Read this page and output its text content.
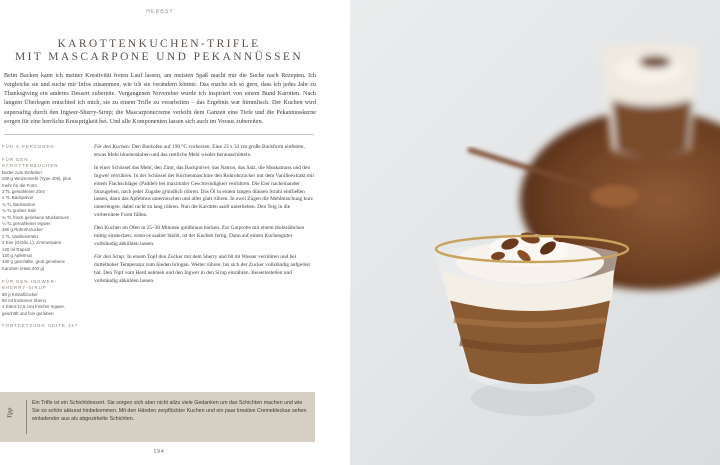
HERBST
KAROTTENKUCHEN-TRIFLE
MIT MASCARPONE UND PEKANNÜSSEN

Beim Backen kann ich meiner Kreativität freien Lauf lassen, am meisten Spaß macht mir die Suche nach Rezepten. Ich vergleiche sie und suche mir Infos zusammen, wie ich sie verändern könnte. Das mache ich so gern, dass ich jedes Jahr zu Thanksgiving ein anderes Dessert zubereite. Vergangenen November wurde ich inspiriert von einem Bund Karotten. Nach langem Überlegen entschied ich mich, sie zu einem Trifle zu verarbeiten – das Ergebnis war himmlisch. Der Kuchen wird supersaftig durch den Ingwer-Sherry-Sirup; die Mascarponecreme verleiht dem Ganzen eine Tiefe und die Pekannusskerne sorgen für eine herrliche Knusprigkeit bei. Und alle Komponenten lassen sich auch im Voraus zubereiten.

FÜR 8 PERSONEN
FÜR DEN KAROTTENKUCHEN
Butter zum Einfetten
250 g Weizenmehl (Type 405), plus mehr für die Form
2 TL gemahlener Zimt
1 TL Backpulver
¾ TL Backnatron
¾ TL grobes Salz
¾ TL frisch geriebene Muskatnuss
¼ TL gemahlener Ingwer
450 g Rohrohrzucker
1 TL Vanilleextrakt
4 Eier (Größe L), zimmerwarm
120 ml Rapsöl
120 g Apfelmus
330 g geschälte, grob geriebene Karotten (etwa 400 g)
FÜR DEN INGWER-SHERRY-SIRUP
50 g Kristallzucker
60 ml trockener Sherry
1 Stück (2,5 cm) frischer Ingwer, geschält und fein gerieben
FORTSETZUNG SEITE 197

Für den Kuchen: Den Backofen auf 190 °C vorheizen. Eine 23 x 33 cm große Backform einfetten, etwas Mehl hineinstäuben und das restliche Mehl wieder herausschütteln.

In einer Schüssel das Mehl, den Zimt, das Backpulver, das Natron, das Salz, die Muskatnuss und den Ingwer verrühren. In der Schüssel der Küchenmaschine den Rohrohrzucker mit dem Vanilleextrakt mit einem Flachschläger (Paddel) bei maximaler Geschwindigkeit verrühren. Die Eier nacheinander hinzugeben, nach jeder Zugabe gründlich rühren. Das Öl in einem langen dünnen Strahl einfließen lassen, dann das Apfelmus untermischen und alles glatt rühren. In zwei Zügen die Mehlmischung kurz unterrengen, dabei nicht zu lang rühren. Nun die Karotten sanft unterheben. Den Teig in die vorbereitete Form füllen.

Den Kuchen im Ofen in 25–30 Minuten goldbraun backen. Zur Garprobe mit einem Holzstäbchen mittig einstechen; wenn es sauber bleibt, ist der Kuchen fertig. Dann auf einem Kuchengitter vollständig abkühlen lassen.

Für den Sirup: In einem Topf den Zucker mit dem Sherry und 60 ml Wasser verrühren und bei mittelhoher Temperatur zum Sieden bringen. Weiter rühren, bis sich der Zucker vollständig aufgelöst hat. Den Topf vom Herd nehmen und den Ingwer in den Sirup einrühren. Beiseitestellen und vollständig abkühlen lassen.

Tipp
Ein Trifle ist ein Schichtdessert. Sie sorgen sich aber nicht allzu viele Gedanken um das Schichten machen und wie Sie so schön akkurat hinbekommen. Mit den Händen zerpflückter Kuchen und ein paar kreative Cremekleckse sehen einladender aus als abgezirkelte Schichten.
194
